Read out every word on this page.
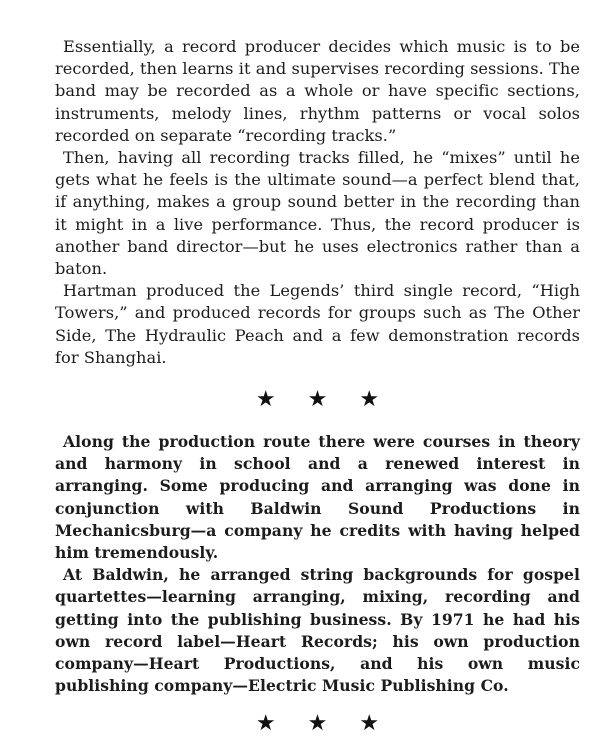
Essentially, a record producer decides which music is to be recorded, then learns it and supervises recording sessions. The band may be recorded as a whole or have specific sections, instruments, melody lines, rhythm patterns or vocal solos recorded on separate “recording tracks.”

Then, having all recording tracks filled, he “mixes” until he gets what he feels is the ultimate sound—a perfect blend that, if anything, makes a group sound better in the recording than it might in a live performance. Thus, the record producer is another band director—but he uses electronics rather than a baton.

Hartman produced the Legends’ third single record, “High Towers,” and produced records for groups such as The Other Side, The Hydraulic Peach and a few demonstration records for Shanghai.

★★★

Along the production route there were courses in theory and harmony in school and a renewed interest in arranging. Some producing and arranging was done in conjunction with Baldwin Sound Productions in Mechanicsburg—a company he credits with having helped him tremendously.

At Baldwin, he arranged string backgrounds for gospel quartettes—learning arranging, mixing, recording and getting into the publishing business. By 1971 he had his own record label—Heart Records; his own production company—Heart Productions, and his own music publishing company—Electric Music Publishing Co.

★★★
